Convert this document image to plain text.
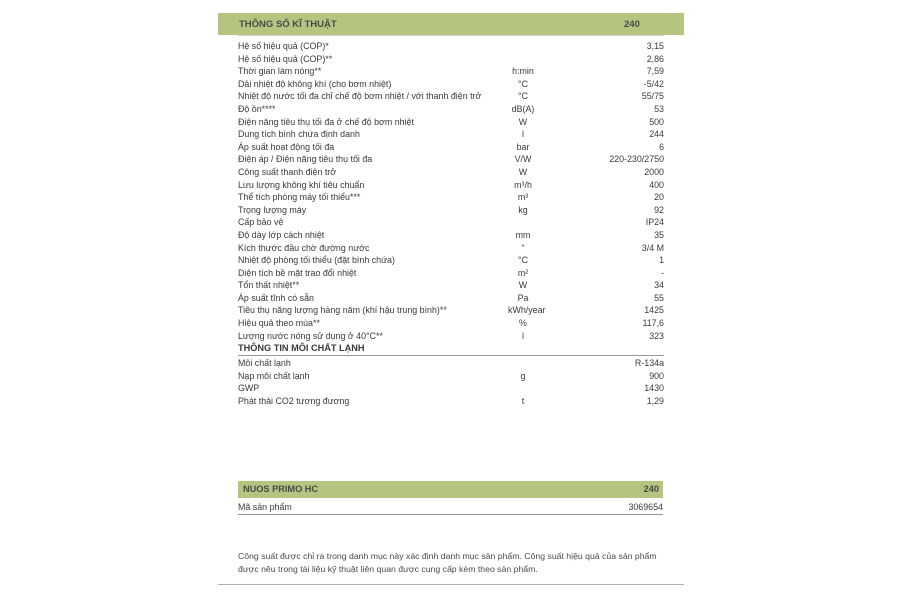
THÔNG SỐ KĨ THUẬT	240
Hệ số hiệu quả (COP)*	3,15
Hệ số hiệu quả (COP)**	2,86
Thời gian làm nóng**	h:min	7,59
Dải nhiệt độ không khí (cho bơm nhiệt)	°C	-5/42
Nhiệt độ nước tối đa chỉ chế độ bơm nhiệt / với thanh điện trở	°C	55/75
Độ ồn****	dB(A)	53
Điện năng tiêu thụ tối đa ở chế độ bơm nhiệt	W	500
Dung tích bình chứa định danh	l	244
Áp suất hoạt động tối đa	bar	6
Điện áp / Điện năng tiêu thụ tối đa	V/W	220-230/2750
Công suất thanh điện trở	W	2000
Lưu lượng không khí tiêu chuẩn	m³/h	400
Thể tích phòng máy tối thiểu***	m³	20
Trọng lượng máy	kg	92
Cấp bảo vệ	IP24
Độ dày lớp cách nhiệt	mm	35
Kích thước đầu chờ đường nước	"	3/4 M
Nhiệt độ phòng tối thiểu (đặt bình chứa)	°C	1
Diện tích bề mặt trao đổi nhiệt	m²	-
Tổn thất nhiệt**	W	34
Áp suất tĩnh có sẵn	Pa	55
Tiêu thụ năng lượng hàng năm (khí hậu trung bình)**	kWh/year	1425
Hiệu quả theo mùa**	%	117,6
Lượng nước nóng sử dụng ở 40°C**	l	323
THÔNG TIN MÔI CHẤT LẠNH
Môi chất lạnh	R-134a
Nạp môi chất lạnh	g	900
GWP	1430
Phát thải CO2 tương đương	t	1,29
NUOS PRIMO HC	240
Mã sản phẩm	3069654
Công suất được chỉ ra trong danh mục này xác định danh mục sản phẩm. Công suất hiệu quả của sản phẩm được nêu trong tài liệu kỹ thuật liên quan được cung cấp kèm theo sản phẩm.
